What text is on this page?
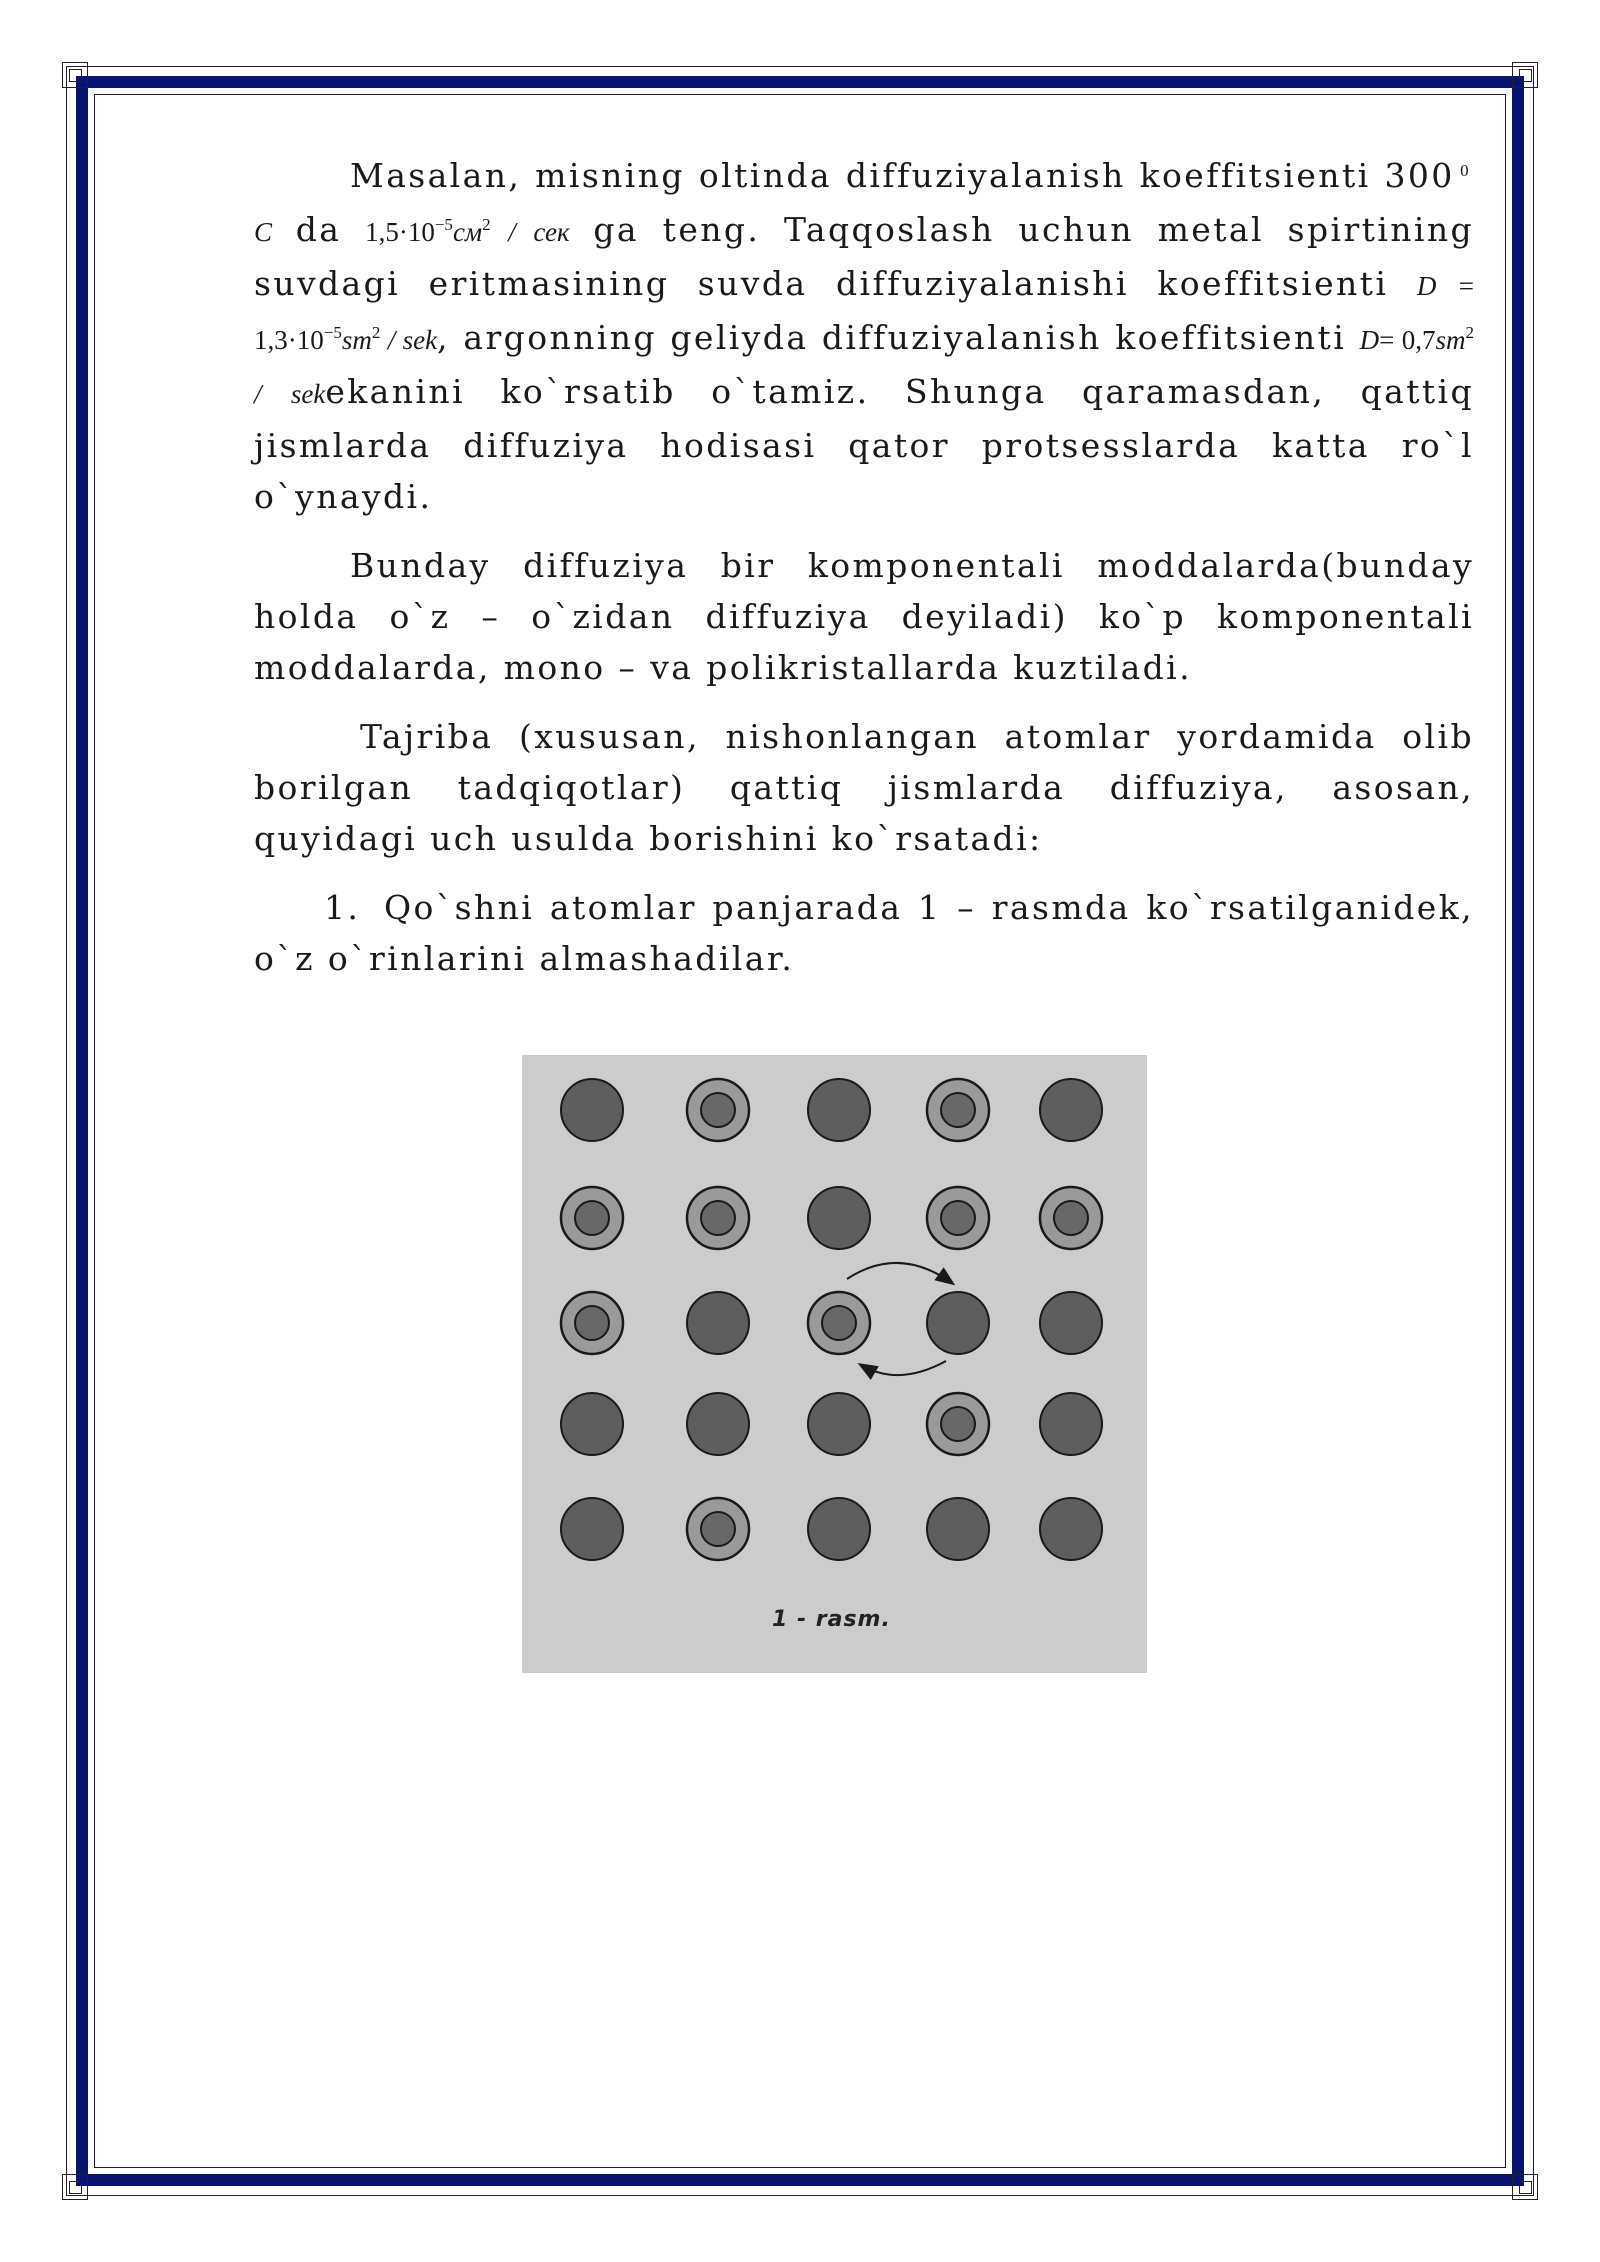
Masalan, misning oltinda diffuziyalanish koeffitsienti 300  $^0$ C da $1,5\cdot 10^{-5}см^2$ / сек ga teng. Taqqoslash uchun metal spirtining suvdagi eritmasining suvda diffuziyalanishi koeffitsienti $D = 1,3\cdot 10^{-5}sm^2$ / sek, argonning geliyda diffuziyalanish koeffitsienti $D= 0,7sm^2$ / sekekanini ko`rsatib o`tamiz. Shunga qaramasdan, qattiq jismlarda diffuziya hodisasi qator protsesslarda katta ro`l o`ynaydi.

Bunday diffuziya bir komponentali moddalarda(bunday holda o`z – o`zidan diffuziya deyiladi) ko`p komponentali moddalarda, mono – va polikristallarda kuztiladi.

Tajriba (xususan, nishonlangan atomlar yordamida olib borilgan tadqiqotlar) qattiq jismlarda diffuziya, asosan, quyidagi uch usulda borishini ko`rsatadi:

1. Qo`shni atomlar panjarada 1 – rasmda ko`rsatilganidek, o`z o`rinlarini almashadilar.

1 - rasm.
